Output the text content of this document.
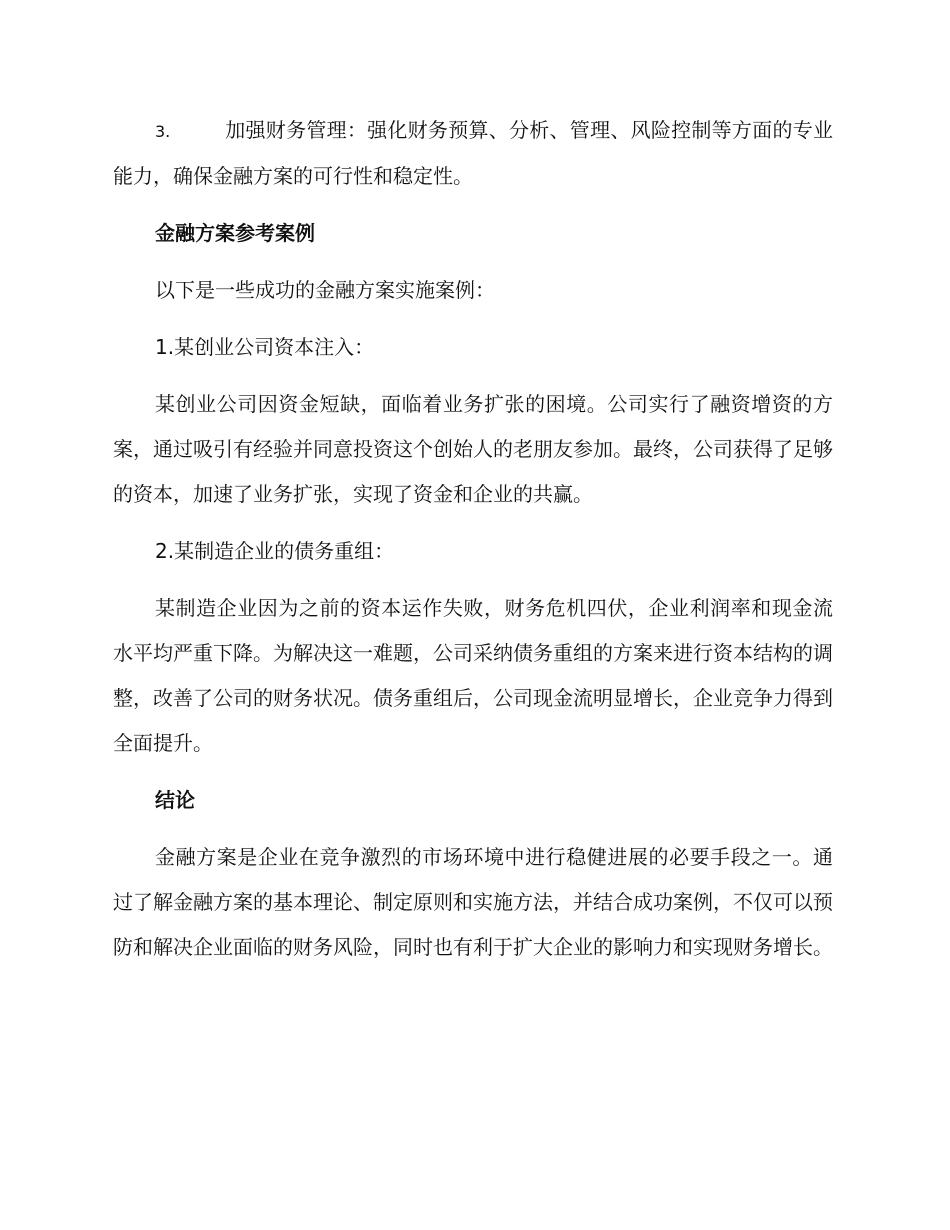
3.	加强财务管理：强化财务预算、分析、管理、风险控制等方面的专业能力，确保金融方案的可行性和稳定性。

金融方案参考案例

以下是一些成功的金融方案实施案例：

1.某创业公司资本注入：

某创业公司因资金短缺，面临着业务扩张的困境。公司实行了融资增资的方案，通过吸引有经验并同意投资这个创始人的老朋友参加。最终，公司获得了足够的资本，加速了业务扩张，实现了资金和企业的共赢。

2.某制造企业的债务重组：

某制造企业因为之前的资本运作失败，财务危机四伏，企业利润率和现金流水平均严重下降。为解决这一难题，公司采纳债务重组的方案来进行资本结构的调整，改善了公司的财务状况。债务重组后，公司现金流明显增长，企业竞争力得到全面提升。

结论

金融方案是企业在竞争激烈的市场环境中进行稳健进展的必要手段之一。通过了解金融方案的基本理论、制定原则和实施方法，并结合成功案例，不仅可以预防和解决企业面临的财务风险，同时也有利于扩大企业的影响力和实现财务增长。
